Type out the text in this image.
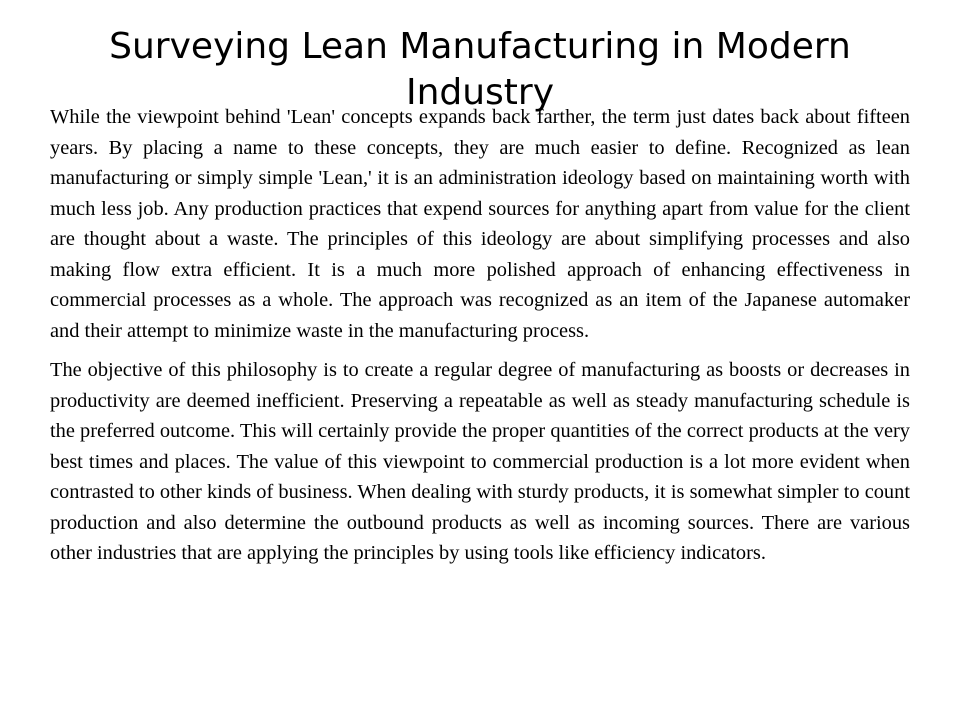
Surveying Lean Manufacturing in Modern Industry

While the viewpoint behind 'Lean' concepts expands back farther, the term just dates back about fifteen years. By placing a name to these concepts, they are much easier to define. Recognized as lean manufacturing or simply simple 'Lean,' it is an administration ideology based on maintaining worth with much less job. Any production practices that expend sources for anything apart from value for the client are thought about a waste. The principles of this ideology are about simplifying processes and also making flow extra efficient. It is a much more polished approach of enhancing effectiveness in commercial processes as a whole. The approach was recognized as an item of the Japanese automaker and their attempt to minimize waste in the manufacturing process.

The objective of this philosophy is to create a regular degree of manufacturing as boosts or decreases in productivity are deemed inefficient. Preserving a repeatable as well as steady manufacturing schedule is the preferred outcome. This will certainly provide the proper quantities of the correct products at the very best times and places. The value of this viewpoint to commercial production is a lot more evident when contrasted to other kinds of business. When dealing with sturdy products, it is somewhat simpler to count production and also determine the outbound products as well as incoming sources. There are various other industries that are applying the principles by using tools like efficiency indicators.
